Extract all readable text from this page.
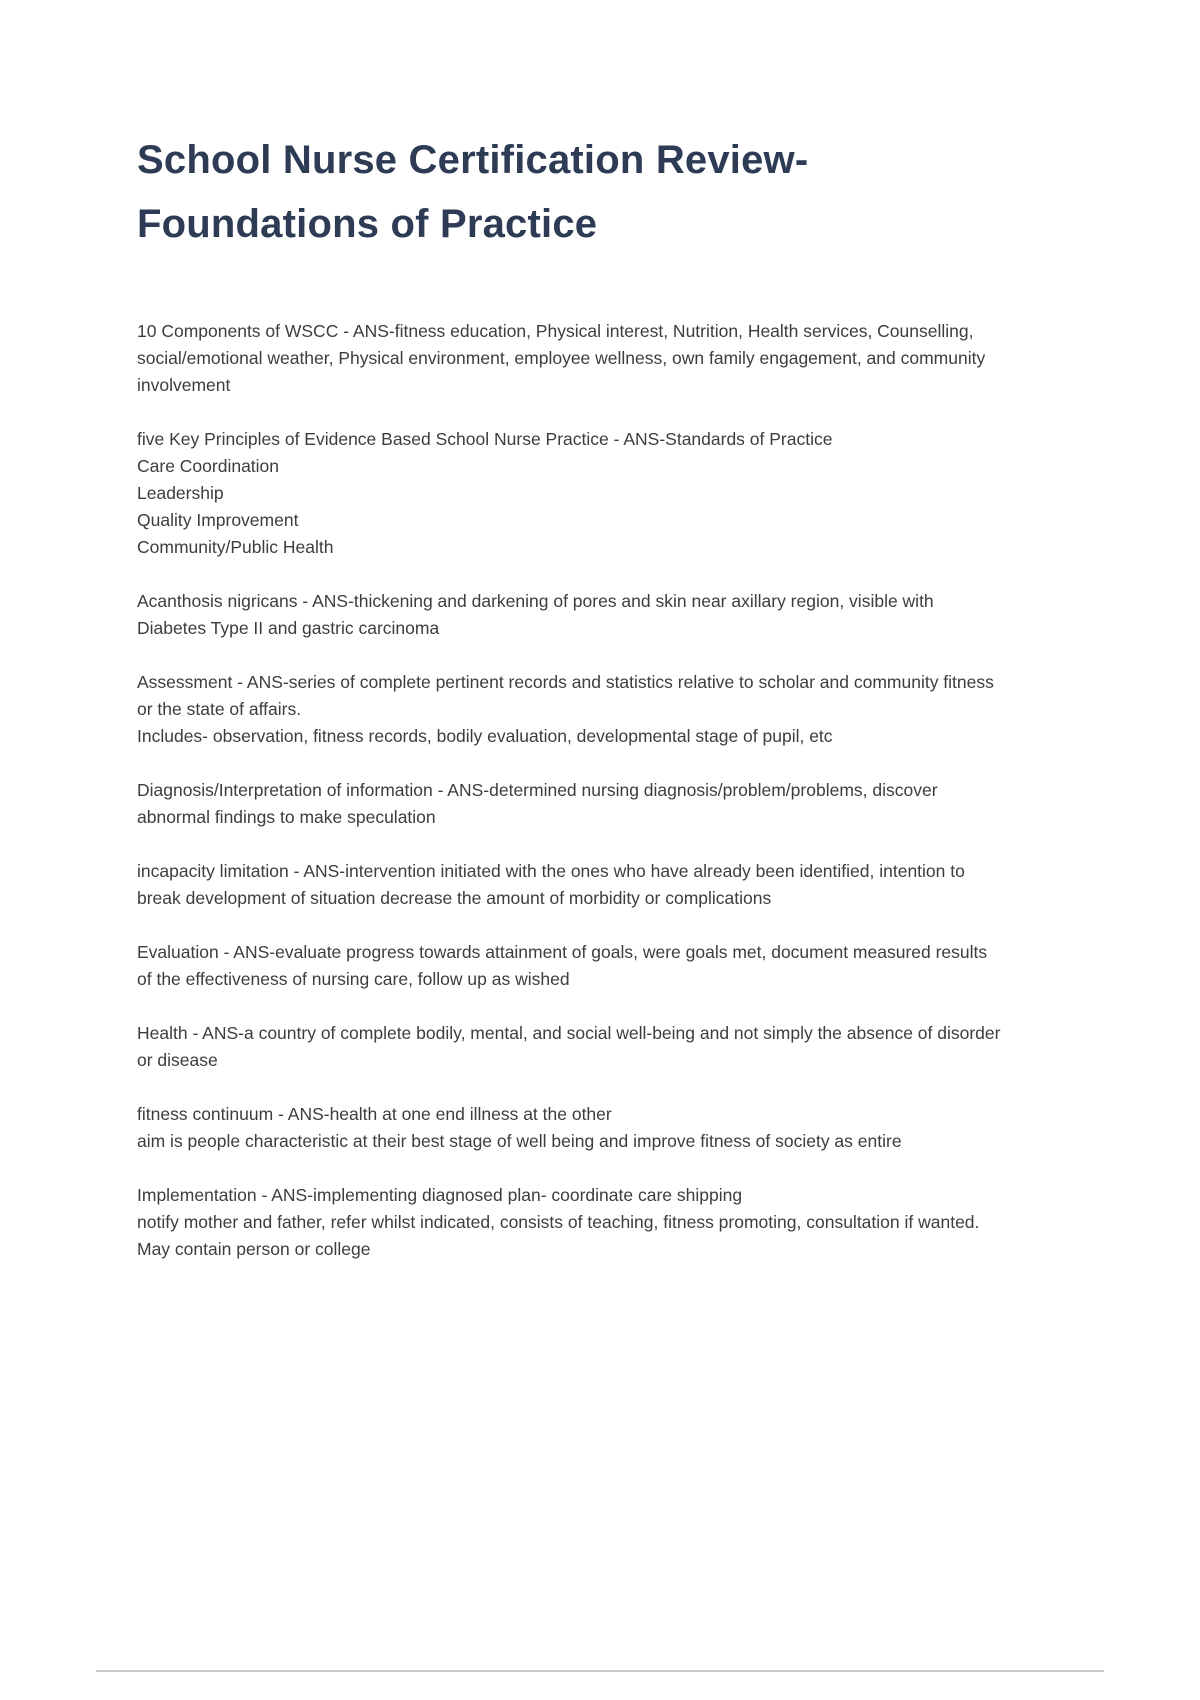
School Nurse Certification Review-
Foundations of Practice
10 Components of WSCC - ANS-fitness education, Physical interest, Nutrition, Health services, Counselling, social/emotional weather, Physical environment, employee wellness, own family engagement, and community involvement
five Key Principles of Evidence Based School Nurse Practice - ANS-Standards of Practice
Care Coordination
Leadership
Quality Improvement
Community/Public Health
Acanthosis nigricans - ANS-thickening and darkening of pores and skin near axillary region, visible with Diabetes Type II and gastric carcinoma
Assessment - ANS-series of complete pertinent records and statistics relative to scholar and community fitness or the state of affairs.
Includes- observation, fitness records, bodily evaluation, developmental stage of pupil, etc
Diagnosis/Interpretation of information - ANS-determined nursing diagnosis/problem/problems, discover abnormal findings to make speculation
incapacity limitation - ANS-intervention initiated with the ones who have already been identified, intention to break development of situation decrease the amount of morbidity or complications
Evaluation - ANS-evaluate progress towards attainment of goals, were goals met, document measured results of the effectiveness of nursing care, follow up as wished
Health - ANS-a country of complete bodily, mental, and social well-being and not simply the absence of disorder or disease
fitness continuum - ANS-health at one end illness at the other
aim is people characteristic at their best stage of well being and improve fitness of society as entire
Implementation - ANS-implementing diagnosed plan- coordinate care shipping
notify mother and father, refer whilst indicated, consists of teaching, fitness promoting, consultation if wanted. May contain person or college
